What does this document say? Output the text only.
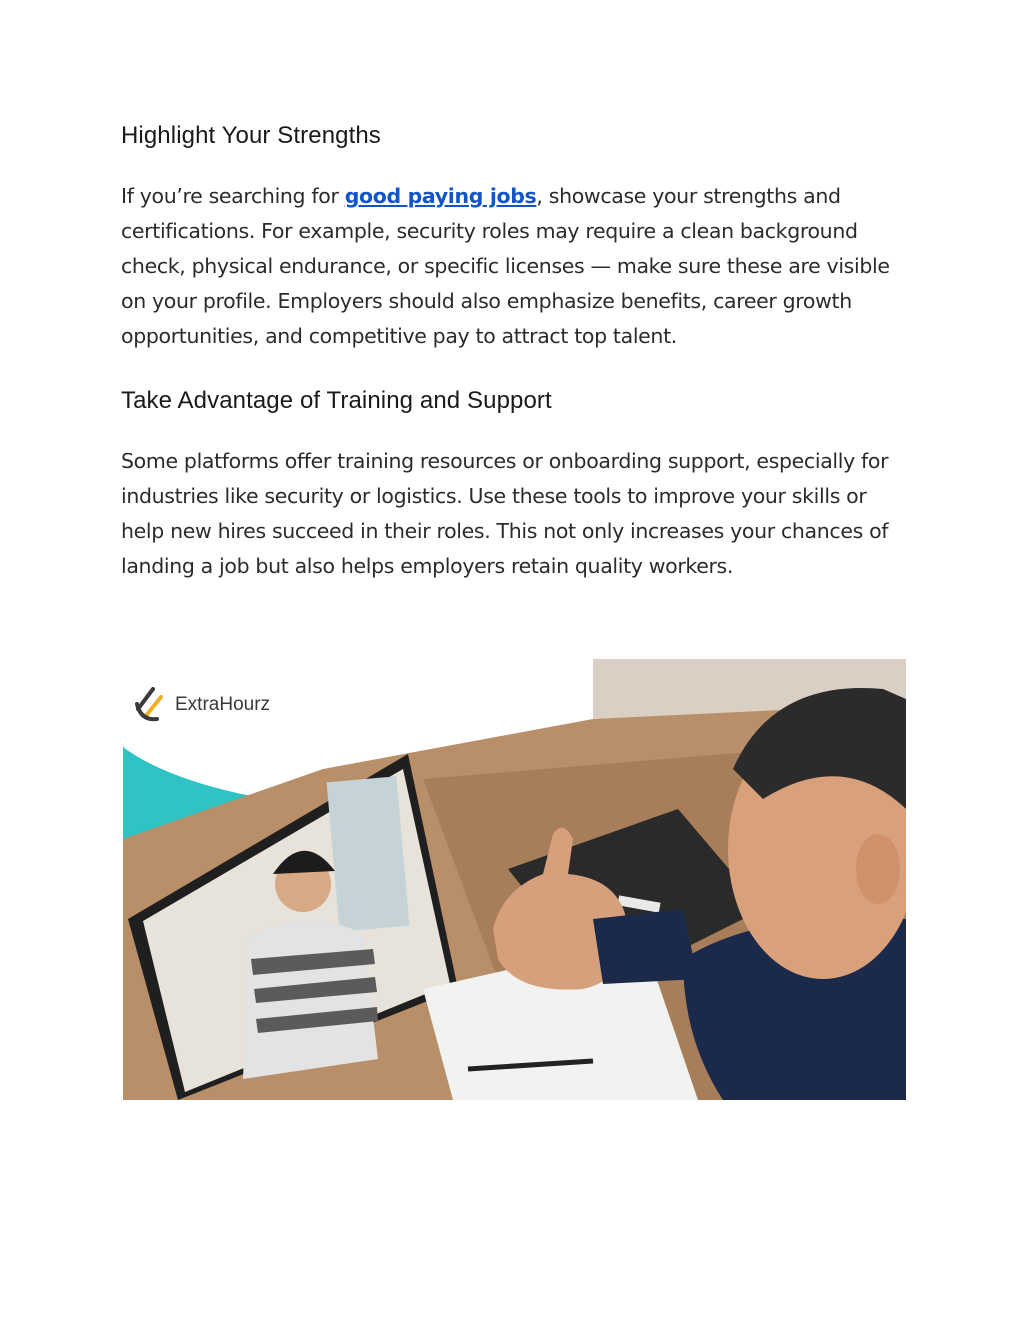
Highlight Your Strengths

If you’re searching for good paying jobs, showcase your strengths and certifications. For example, security roles may require a clean background check, physical endurance, or specific licenses — make sure these are visible on your profile. Employers should also emphasize benefits, career growth opportunities, and competitive pay to attract top talent.

Take Advantage of Training and Support

Some platforms offer training resources or onboarding support, especially for industries like security or logistics. Use these tools to improve your skills or help new hires succeed in their roles. This not only increases your chances of landing a job but also helps employers retain quality workers.

ExtraHourz
